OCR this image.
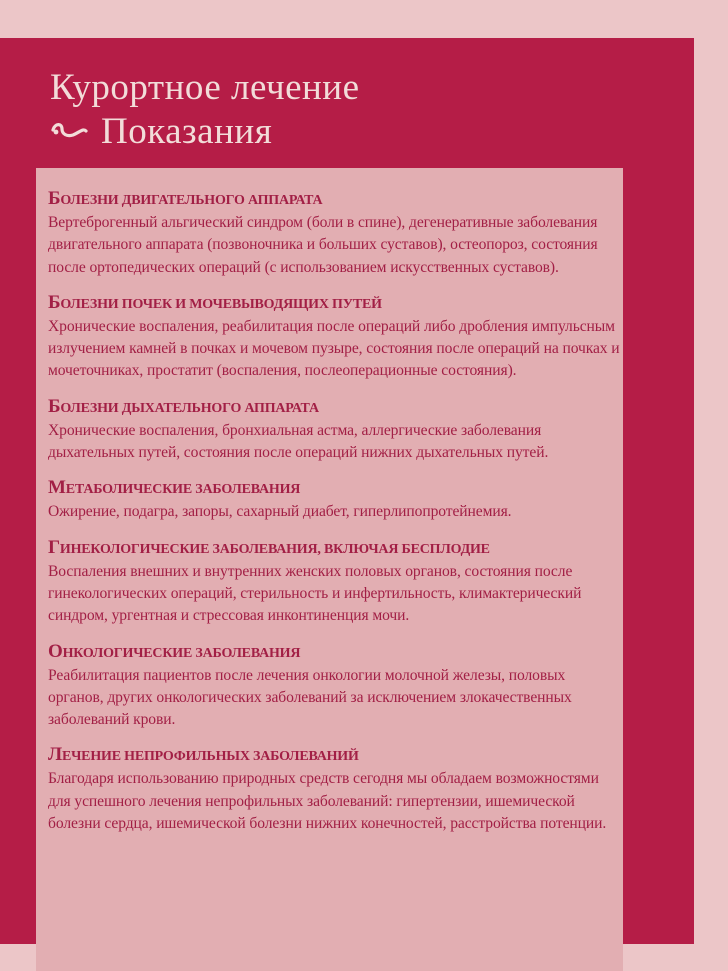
Курортное лечение
Показания
БОЛЕЗНИ ДВИГАТЕЛЬНОГО АППАРАТА
Вертеброгенный альгический синдром (боли в спине), дегенеративные заболевания двигательного аппарата (позвоночника и больших суставов), остеопороз, состояния после ортопедических операций (с использованием искусственных суставов).
БОЛЕЗНИ ПОЧЕК И МОЧЕВЫВОДЯЩИХ ПУТЕЙ
Хронические воспаления, реабилитация после операций либо дробления импульсным излучением камней в почках и мочевом пузыре, состояния после операций на почках и мочеточниках, простатит (воспаления, послеоперационные состояния).
БОЛЕЗНИ ДЫХАТЕЛЬНОГО АППАРАТА
Хронические воспаления, бронхиальная астма, аллергические заболевания дыхательных путей, состояния после операций нижних дыхательных путей.
МЕТАБОЛИЧЕСКИЕ ЗАБОЛЕВАНИЯ
Ожирение, подагра, запоры, сахарный диабет, гиперлипопротейнемия.
ГИНЕКОЛОГИЧЕСКИЕ ЗАБОЛЕВАНИЯ, ВКЛЮЧАЯ БЕСПЛОДИЕ
Воспаления внешних и внутренних женских половых органов, состояния после гинекологических операций, стерильность и инфертильность, климактерический синдром, ургентная и стрессовая инконтиненция мочи.
ОНКОЛОГИЧЕСКИЕ ЗАБОЛЕВАНИЯ
Реабилитация пациентов после лечения онкологии молочной железы, половых органов, других онкологических заболеваний за исключением злокачественных заболеваний крови.
ЛЕЧЕНИЕ НЕПРОФИЛЬНЫХ ЗАБОЛЕВАНИЙ
Благодаря использованию природных средств сегодня мы обладаем возможностями для успешного лечения непрофильных заболеваний: гипертензии, ишемической болезни сердца, ишемической болезни нижних конечностей, расстройства потенции.
